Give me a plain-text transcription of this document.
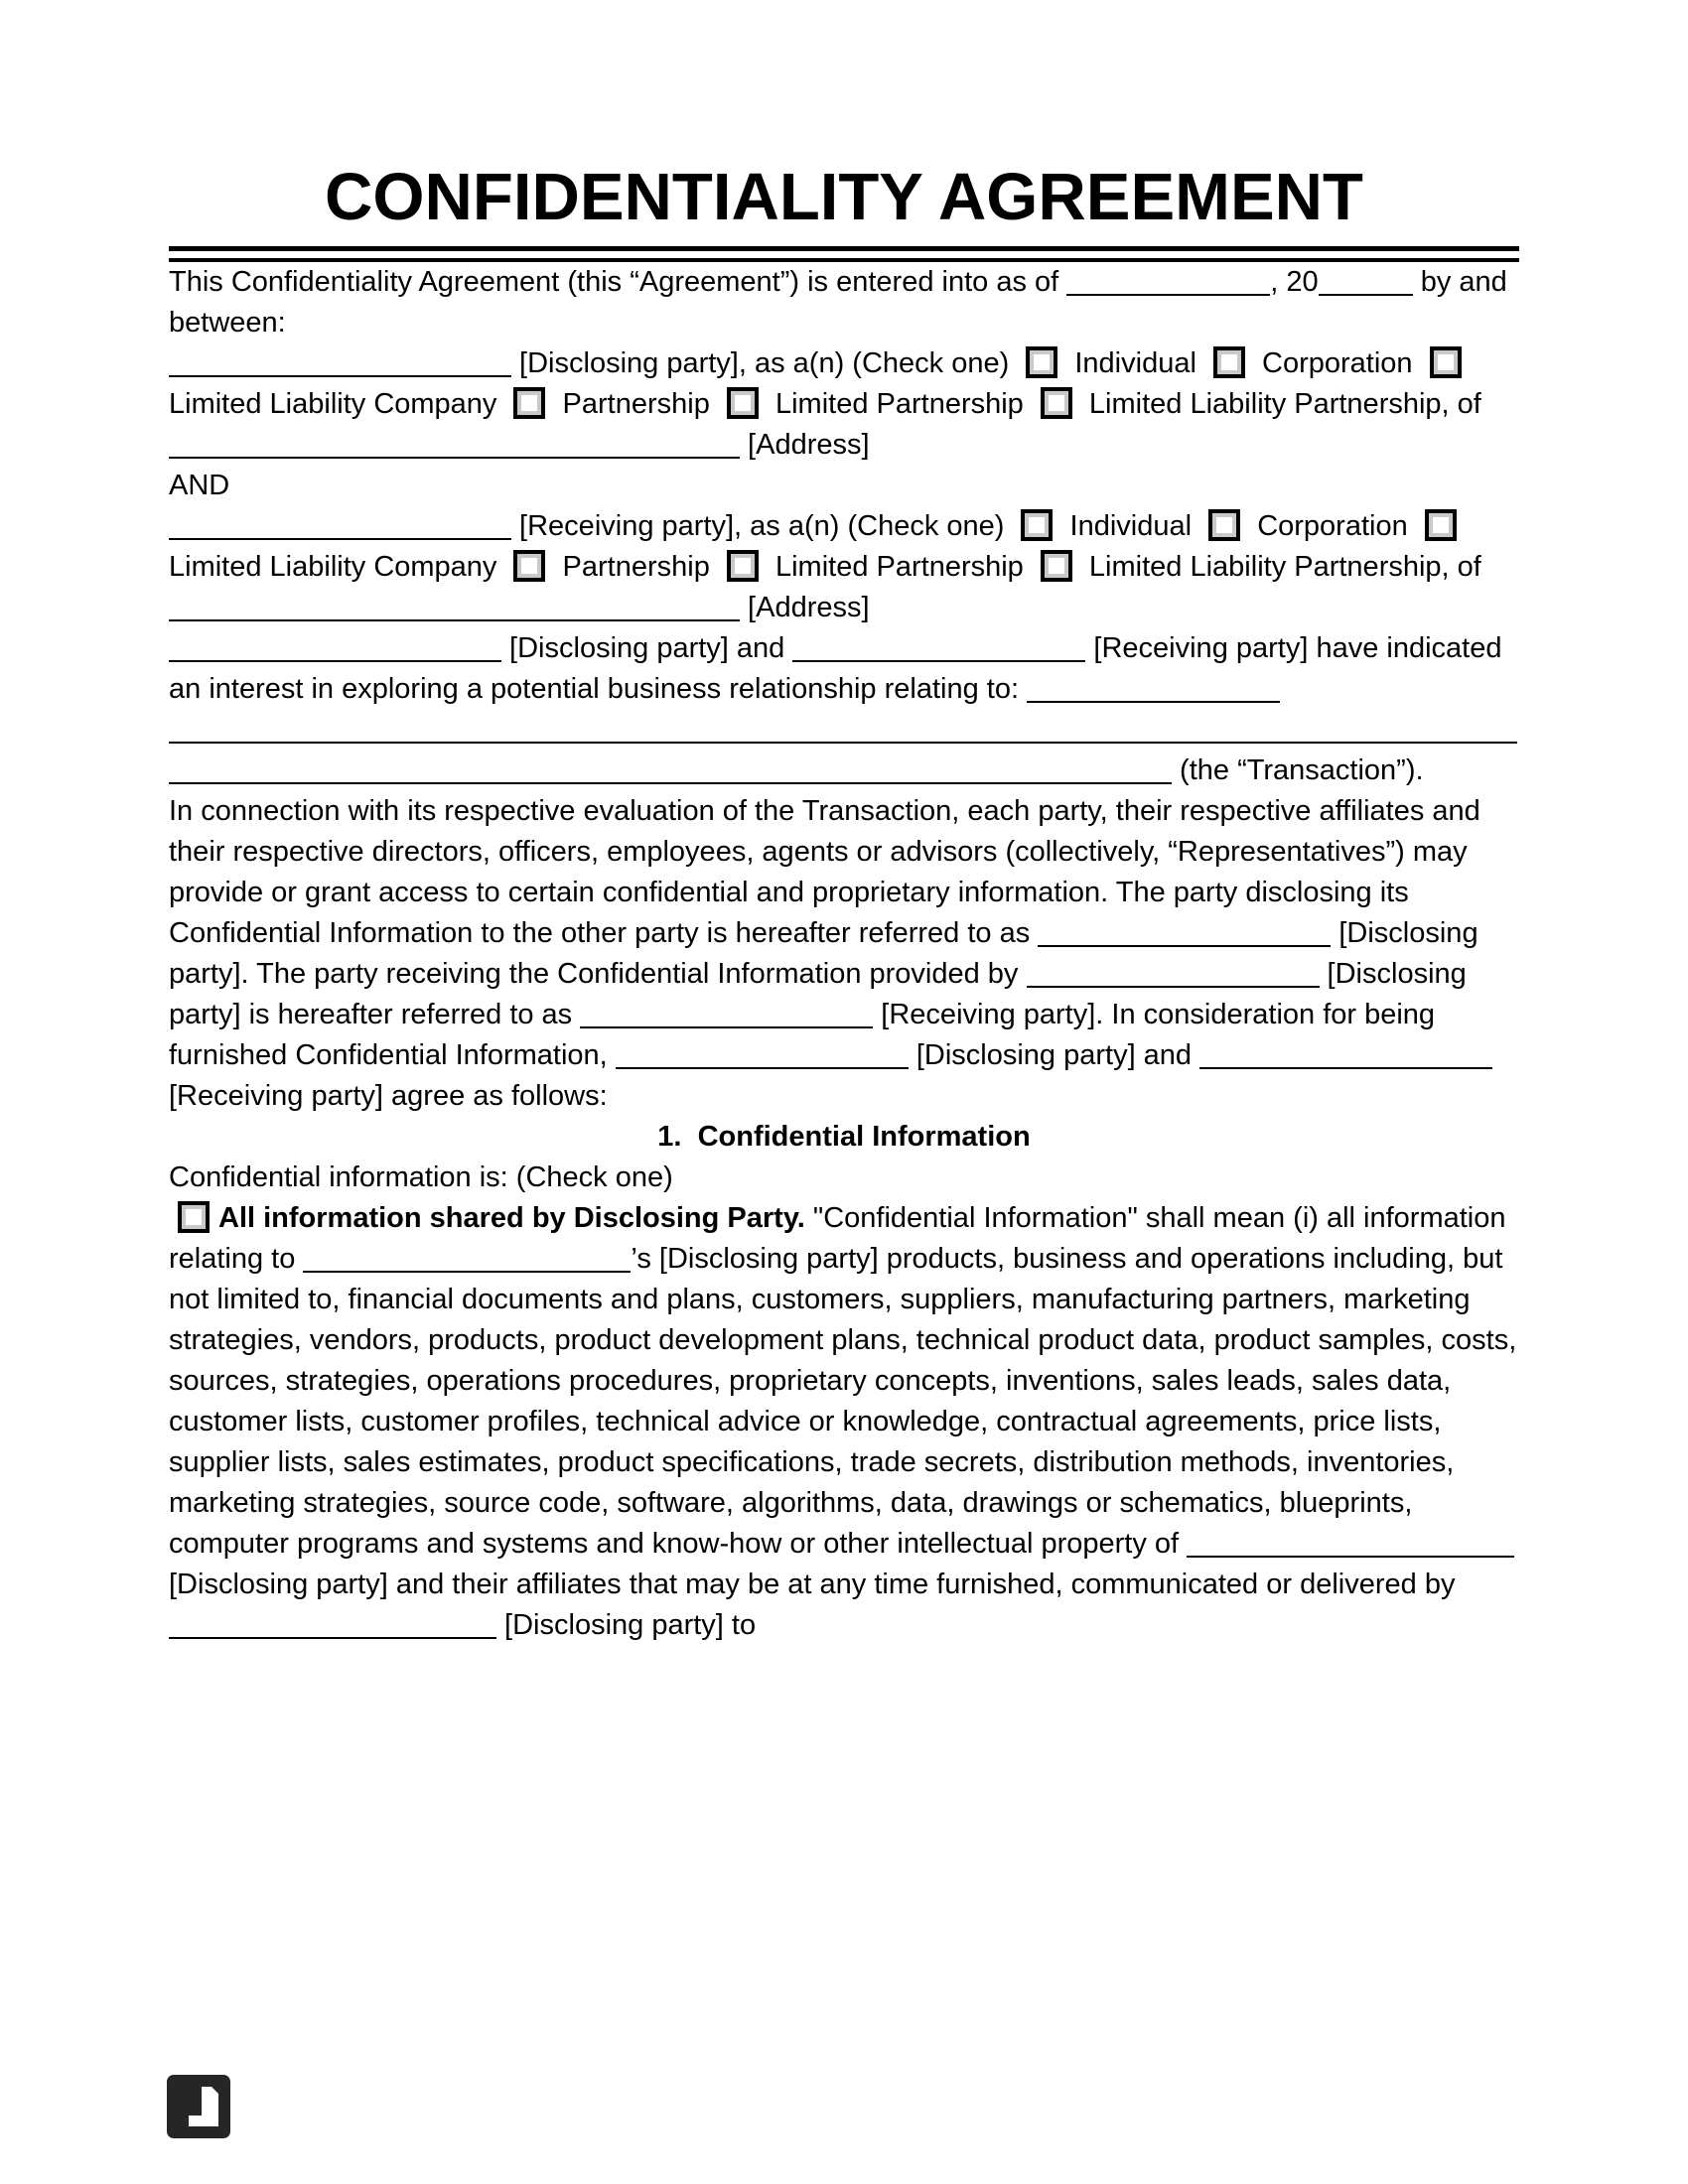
CONFIDENTIALITY AGREEMENT

This Confidentiality Agreement (this “Agreement”) is entered into as of	, 20	by and between:

[Disclosing party], as a(n) (Check one)  Individual  Corporation  Limited Liability Company  Partnership  Limited Partnership  Limited Liability Partnership, of  [Address]

AND

[Receiving party], as a(n) (Check one)  Individual  Corporation  Limited Liability Company  Partnership  Limited Partnership  Limited Liability Partnership, of  [Address]

[Disclosing party] and	[Receiving party] have indicated an interest in exploring a potential business relationship relating to:  (the “Transaction”).

In connection with its respective evaluation of the Transaction, each party, their respective affiliates and their respective directors, officers, employees, agents or advisors (collectively, “Representatives”) may provide or grant access to certain confidential and proprietary information. The party disclosing its Confidential Information to the other party is hereafter referred to as	[Disclosing party]. The party receiving the Confidential Information provided by	[Disclosing party] is hereafter referred to as	[Receiving party]. In consideration for being furnished Confidential Information,	[Disclosing party] and  [Receiving party] agree as follows:

1.  Confidential Information

Confidential information is: (Check one)

All information shared by Disclosing Party. "Confidential Information" shall mean (i) all information relating to	’s [Disclosing party] products, business and operations including, but not limited to, financial documents and plans, customers, suppliers, manufacturing partners, marketing strategies, vendors, products, product development plans, technical product data, product samples, costs, sources, strategies, operations procedures, proprietary concepts, inventions, sales leads, sales data, customer lists, customer profiles, technical advice or knowledge, contractual agreements, price lists, supplier lists, sales estimates, product specifications, trade secrets, distribution methods, inventories, marketing strategies, source code, software, algorithms, data, drawings or schematics, blueprints, computer programs and systems and know-how or other intellectual property of  [Disclosing party] and their affiliates that may be at any time furnished, communicated or delivered by  [Disclosing party] to
